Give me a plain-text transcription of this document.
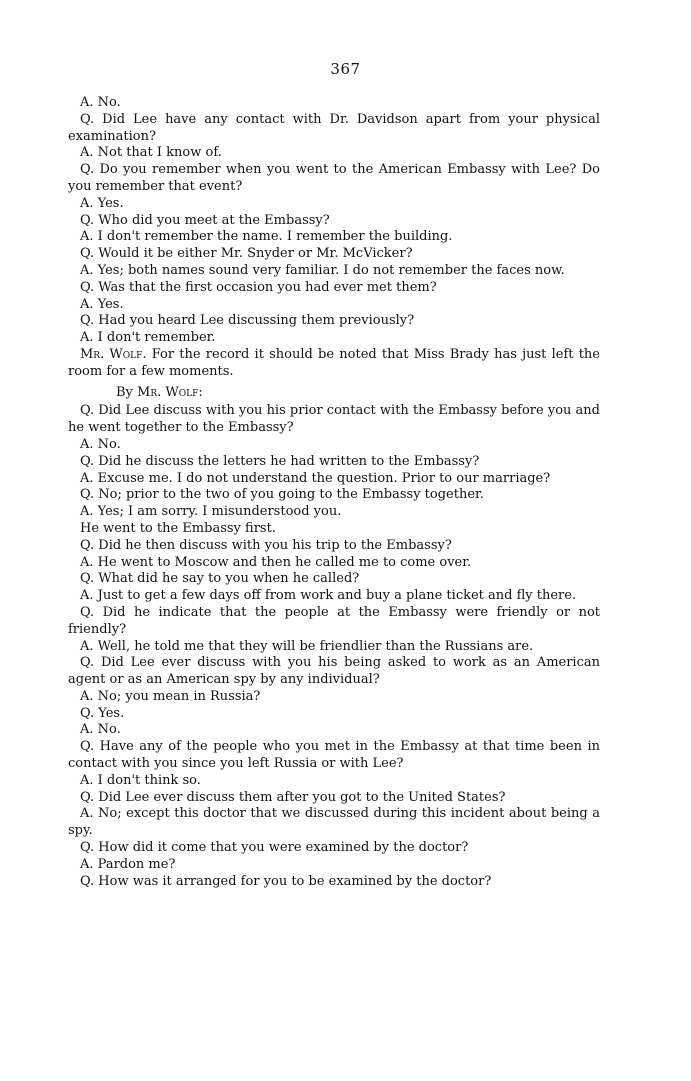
367

A. No.

Q. Did Lee have any contact with Dr. Davidson apart from your physical examination?

A. Not that I know of.

Q. Do you remember when you went to the American Embassy with Lee? Do you remember that event?

A. Yes.

Q. Who did you meet at the Embassy?

A. I don't remember the name. I remember the building.

Q. Would it be either Mr. Snyder or Mr. McVicker?

A. Yes; both names sound very familiar. I do not remember the faces now.

Q. Was that the first occasion you had ever met them?

A. Yes.

Q. Had you heard Lee discussing them previously?

A. I don't remember.

Mr. Wolf. For the record it should be noted that Miss Brady has just left the room for a few moments.

By Mr. Wolf:

Q. Did Lee discuss with you his prior contact with the Embassy before you and he went together to the Embassy?

A. No.

Q. Did he discuss the letters he had written to the Embassy?

A. Excuse me. I do not understand the question. Prior to our marriage?

Q. No; prior to the two of you going to the Embassy together.

A. Yes; I am sorry. I misunderstood you.

He went to the Embassy first.

Q. Did he then discuss with you his trip to the Embassy?

A. He went to Moscow and then he called me to come over.

Q. What did he say to you when he called?

A. Just to get a few days off from work and buy a plane ticket and fly there.

Q. Did he indicate that the people at the Embassy were friendly or not friendly?

A. Well, he told me that they will be friendlier than the Russians are.

Q. Did Lee ever discuss with you his being asked to work as an American agent or as an American spy by any individual?

A. No; you mean in Russia?

Q. Yes.

A. No.

Q. Have any of the people who you met in the Embassy at that time been in contact with you since you left Russia or with Lee?

A. I don't think so.

Q. Did Lee ever discuss them after you got to the United States?

A. No; except this doctor that we discussed during this incident about being a spy.

Q. How did it come that you were examined by the doctor?

A. Pardon me?

Q. How was it arranged for you to be examined by the doctor?
